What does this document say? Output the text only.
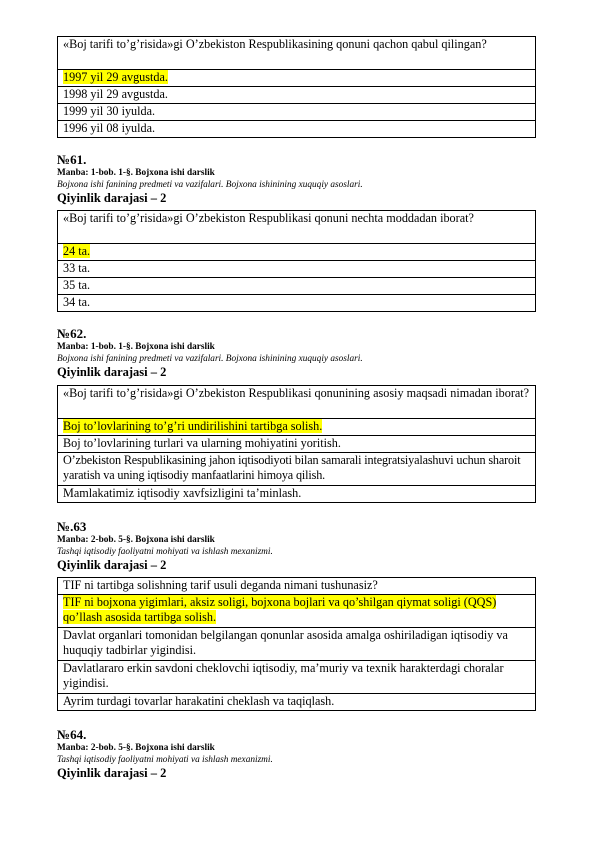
«Boj tarifi to’g’risida»gi O’zbekiston Respublikasining qonuni qachon qabul qilingan?
1997 yil 29 avgustda.
1998 yil 29 avgustda.
1999 yil 30 iyulda.
1996 yil 08 iyulda.
№61.
Manba: 1-bob. 1-§. Bojxona ishi darslik
Bojxona ishi fanining predmeti va vazifalari. Bojxona ishinining xuquqiy asoslari.
Qiyinlik darajasi – 2
«Boj tarifi to’g’risida»gi O’zbekiston Respublikasi qonuni nechta moddadan iborat?
24 ta.
33 ta.
35 ta.
34 ta.
№62.
Manba: 1-bob. 1-§. Bojxona ishi darslik
Bojxona ishi fanining predmeti va vazifalari. Bojxona ishinining xuquqiy asoslari.
Qiyinlik darajasi – 2
«Boj tarifi to’g’risida»gi O’zbekiston Respublikasi qonunining asosiy maqsadi nimadan iborat?
Boj to’lovlarining to’g’ri undirilishini tartibga solish.
Boj to’lovlarining turlari va ularning mohiyatini yoritish.
O’zbekiston Respublikasining jahon iqtisodiyoti bilan samarali integratsiyalashuvi uchun sharoit yaratish va uning iqtisodiy manfaatlarini himoya qilish.
Mamlakatimiz iqtisodiy xavfsizligini ta’minlash.
№.63
Manba: 2-bob. 5-§. Bojxona ishi darslik
Tashqi iqtisodiy faoliyatni mohiyati va ishlash mexanizmi.
Qiyinlik darajasi – 2
TIF ni tartibga solishning tarif usuli deganda nimani tushunasiz?
TIF ni bojxona yigimlari, aksiz soligi, bojxona bojlari va qo’shilgan qiymat soligi (QQS) qo’llash asosida tartibga solish.
Davlat organlari tomonidan belgilangan qonunlar asosida amalga oshiriladigan iqtisodiy va huquqiy tadbirlar yigindisi.
Davlatlararo erkin savdoni cheklovchi iqtisodiy, ma’muriy va texnik harakterdagi choralar yigindisi.
Ayrim turdagi tovarlar harakatini cheklash va taqiqlash.
№64.
Manba: 2-bob. 5-§. Bojxona ishi darslik
Tashqi iqtisodiy faoliyatni mohiyati va ishlash mexanizmi.
Qiyinlik darajasi – 2
